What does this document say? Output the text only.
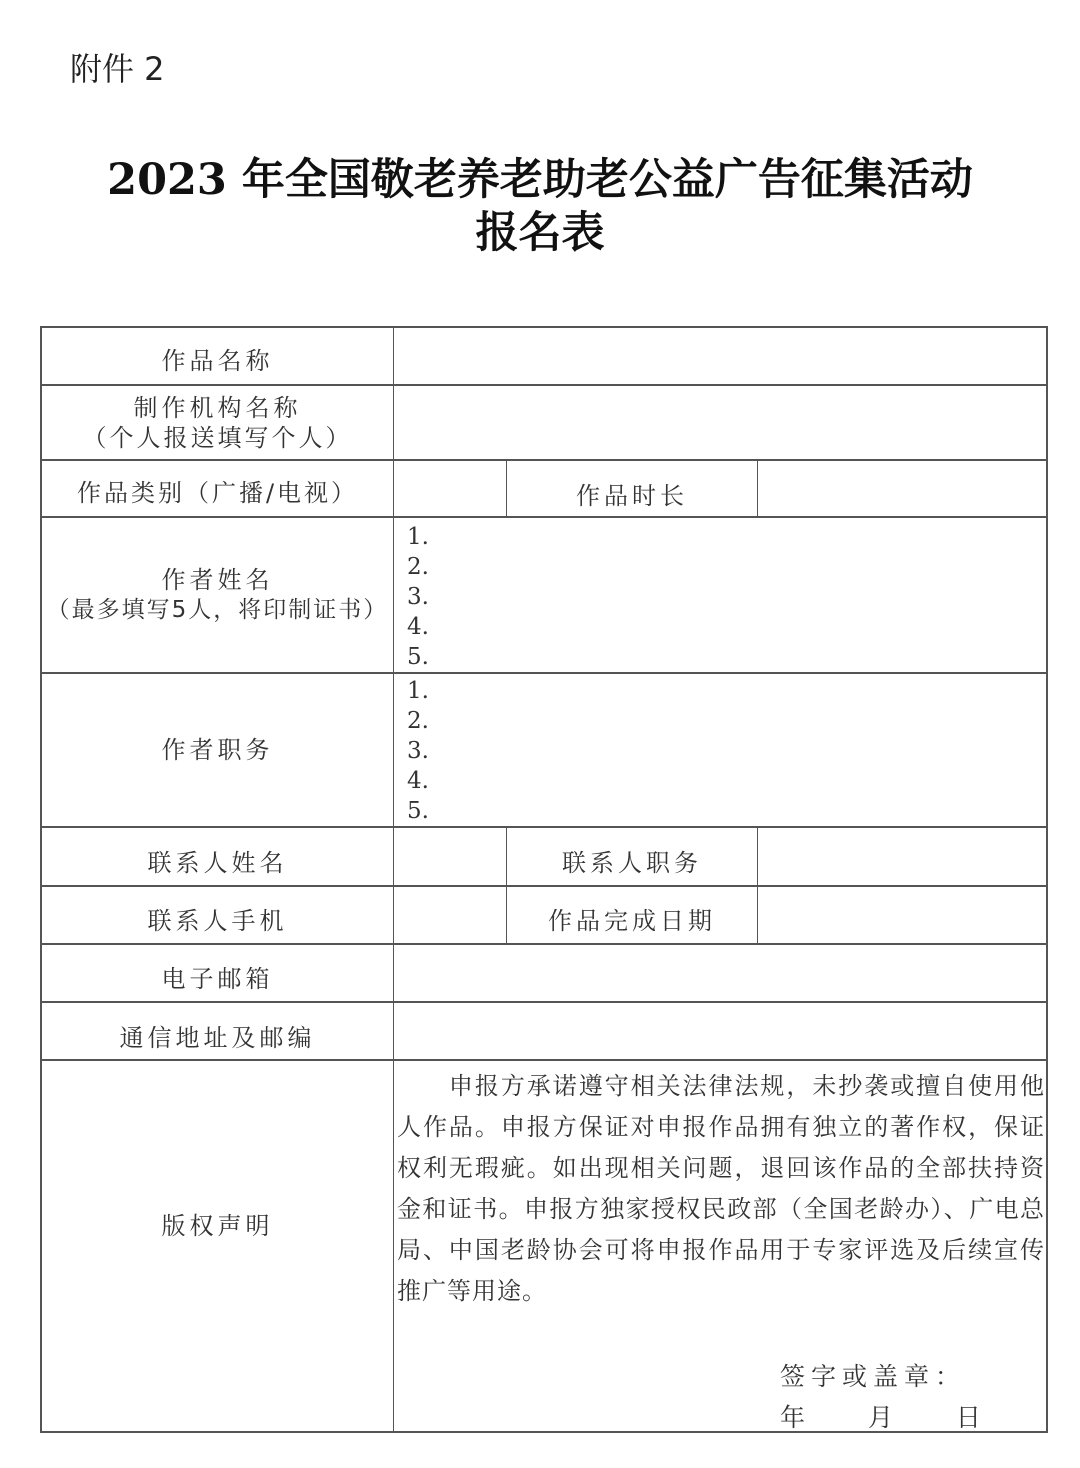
附件 2
2023 年全国敬老养老助老公益广告征集活动
报名表
作品名称
制作机构名称
（个人报送填写个人）
作品类别（广播/电视）	作品时长
作者姓名
（最多填写5人，将印制证书）
1.
2.
3.
4.
5.
作者职务
1.
2.
3.
4.
5.
联系人姓名	联系人职务
联系人手机	作品完成日期
电子邮箱
通信地址及邮编
版权声明
　　申报方承诺遵守相关法律法规，未抄袭或擅自使用他人作品。申报方保证对申报作品拥有独立的著作权，保证权利无瑕疵。如出现相关问题，退回该作品的全部扶持资金和证书。申报方独家授权民政部（全国老龄办）、广电总局、中国老龄协会可将申报作品用于专家评选及后续宣传推广等用途。
签字或盖章：
年　 月　 日
